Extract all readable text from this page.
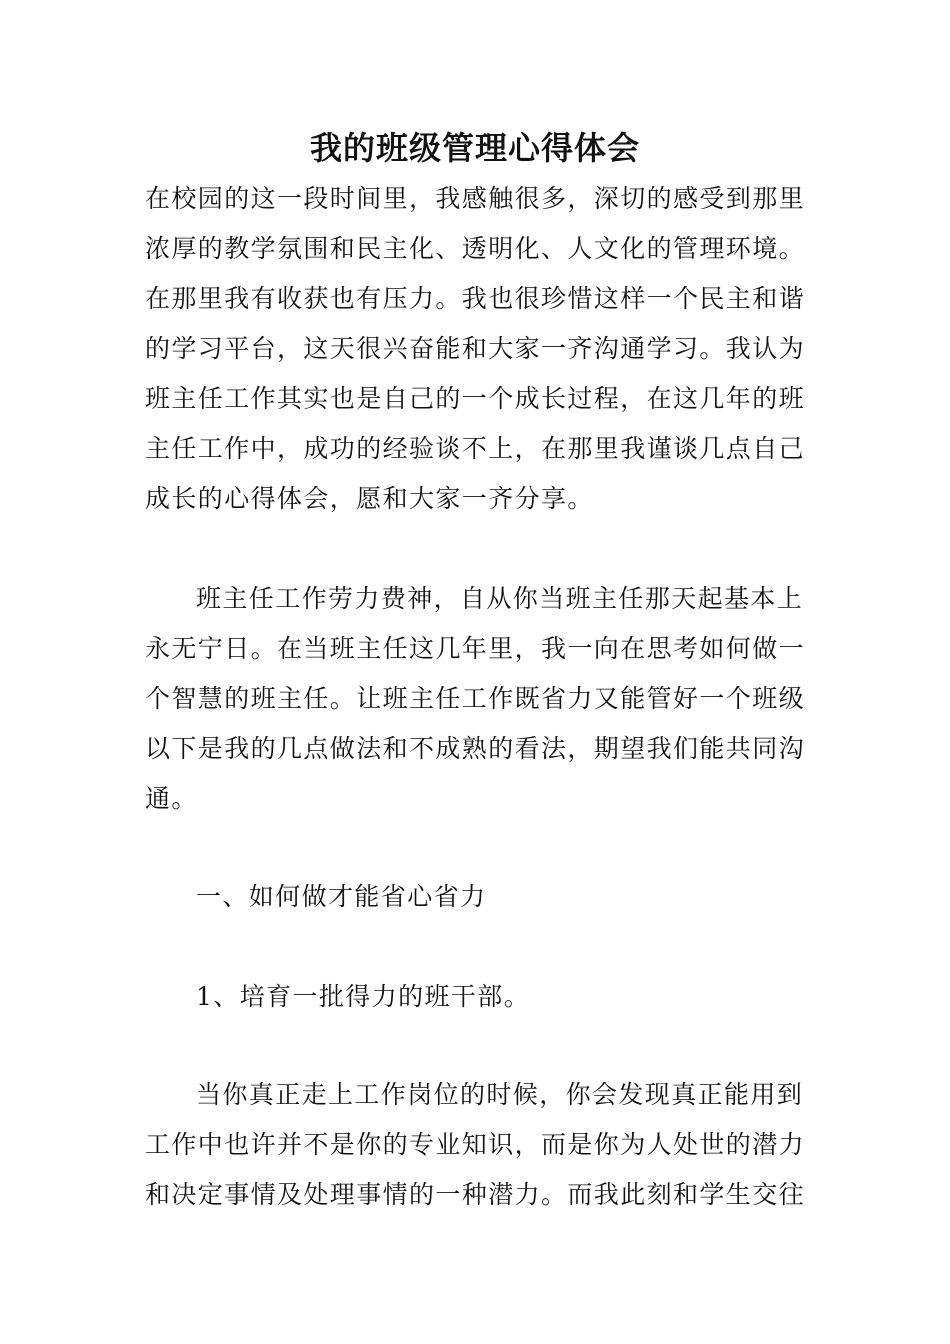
我的班级管理心得体会
在校园的这一段时间里，我感触很多，深切的感受到那里
浓厚的教学氛围和民主化、透明化、人文化的管理环境。
在那里我有收获也有压力。我也很珍惜这样一个民主和谐
的学习平台，这天很兴奋能和大家一齐沟通学习。我认为
班主任工作其实也是自己的一个成长过程，在这几年的班
主任工作中，成功的经验谈不上，在那里我谨谈几点自己
成长的心得体会，愿和大家一齐分享。
班主任工作劳力费神，自从你当班主任那天起基本上
永无宁日。在当班主任这几年里，我一向在思考如何做一
个智慧的班主任。让班主任工作既省力又能管好一个班级
以下是我的几点做法和不成熟的看法，期望我们能共同沟
通。
一、如何做才能省心省力
1、培育一批得力的班干部。
当你真正走上工作岗位的时候，你会发现真正能用到
工作中也许并不是你的专业知识，而是你为人处世的潜力
和决定事情及处理事情的一种潜力。而我此刻和学生交往
